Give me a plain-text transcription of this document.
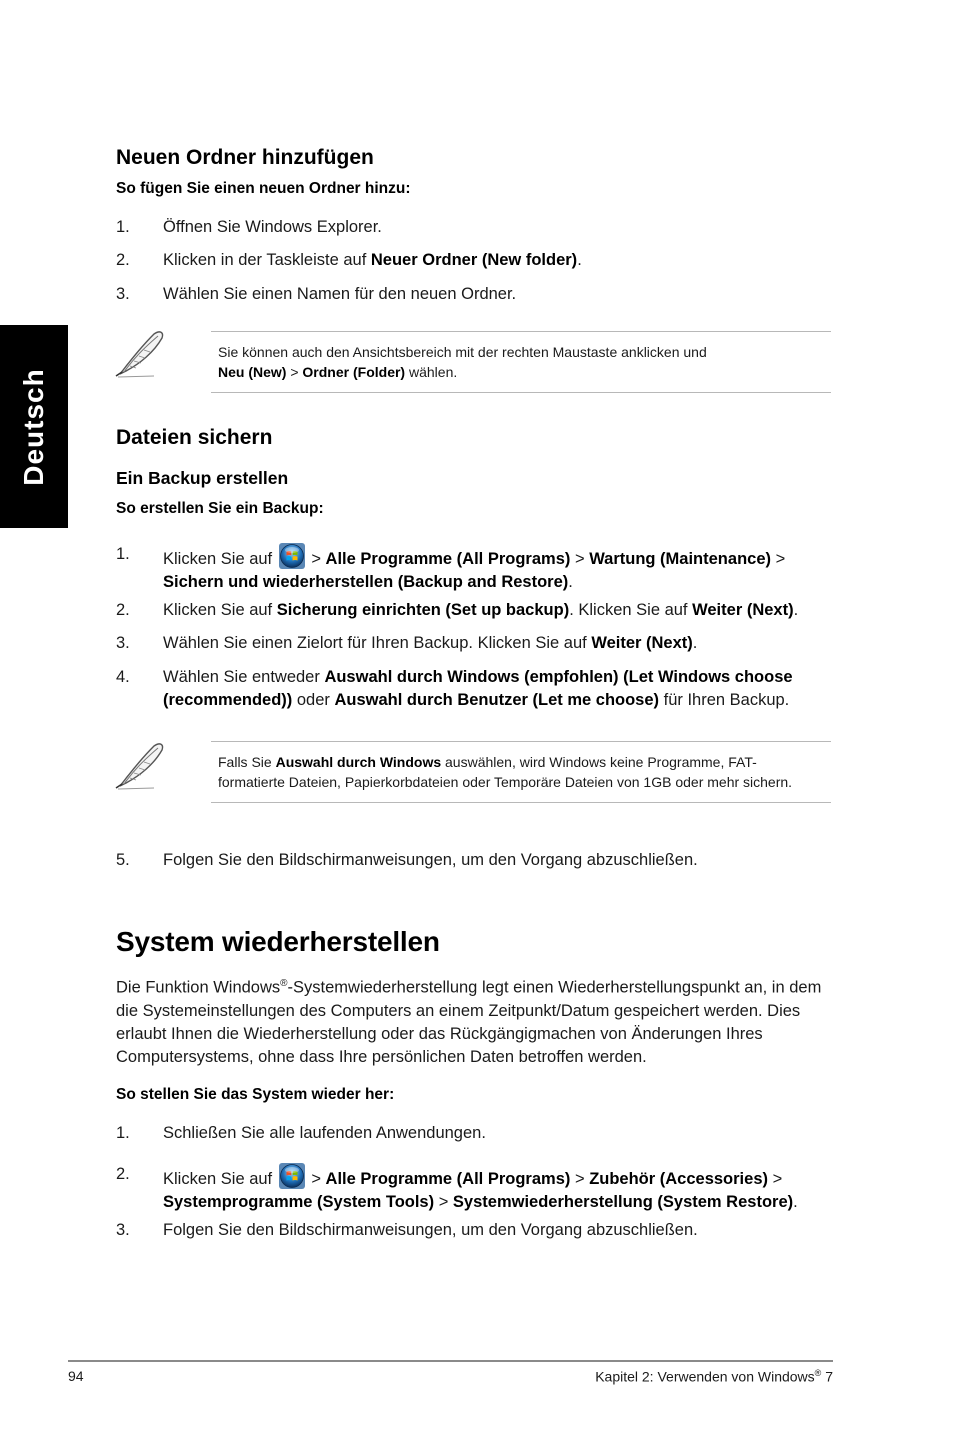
Deutsch
Neuen Ordner hinzufügen
So fügen Sie einen neuen Ordner hinzu:
1. Öffnen Sie Windows Explorer.
2. Klicken in der Taskleiste auf Neuer Ordner (New folder).
3. Wählen Sie einen Namen für den neuen Ordner.
Sie können auch den Ansichtsbereich mit der rechten Maustaste anklicken und
Neu (New) > Ordner (Folder) wählen.
Dateien sichern
Ein Backup erstellen
So erstellen Sie ein Backup:
1. Klicken Sie auf  > Alle Programme (All Programs) > Wartung (Maintenance) > Sichern und wiederherstellen (Backup and Restore).
2. Klicken Sie auf Sicherung einrichten (Set up backup). Klicken Sie auf Weiter (Next).
3. Wählen Sie einen Zielort für Ihren Backup. Klicken Sie auf Weiter (Next).
4. Wählen Sie entweder Auswahl durch Windows (empfohlen) (Let Windows choose (recommended)) oder Auswahl durch Benutzer (Let me choose) für Ihren Backup.
Falls Sie Auswahl durch Windows auswählen, wird Windows keine Programme, FAT-formatierte Dateien, Papierkorbdateien oder Temporäre Dateien von 1GB oder mehr sichern.
5. Folgen Sie den Bildschirmanweisungen, um den Vorgang abzuschließen.
System wiederherstellen
Die Funktion Windows®-Systemwiederherstellung legt einen Wiederherstellungspunkt an, in dem die Systemeinstellungen des Computers an einem Zeitpunkt/Datum gespeichert werden. Dies erlaubt Ihnen die Wiederherstellung oder das Rückgängigmachen von Änderungen Ihres Computersystems, ohne dass Ihre persönlichen Daten betroffen werden.
So stellen Sie das System wieder her:
1. Schließen Sie alle laufenden Anwendungen.
2. Klicken Sie auf  > Alle Programme (All Programs) > Zubehör (Accessories) > Systemprogramme (System Tools) > Systemwiederherstellung (System Restore).
3. Folgen Sie den Bildschirmanweisungen, um den Vorgang abzuschließen.
94	Kapitel 2: Verwenden von Windows® 7
